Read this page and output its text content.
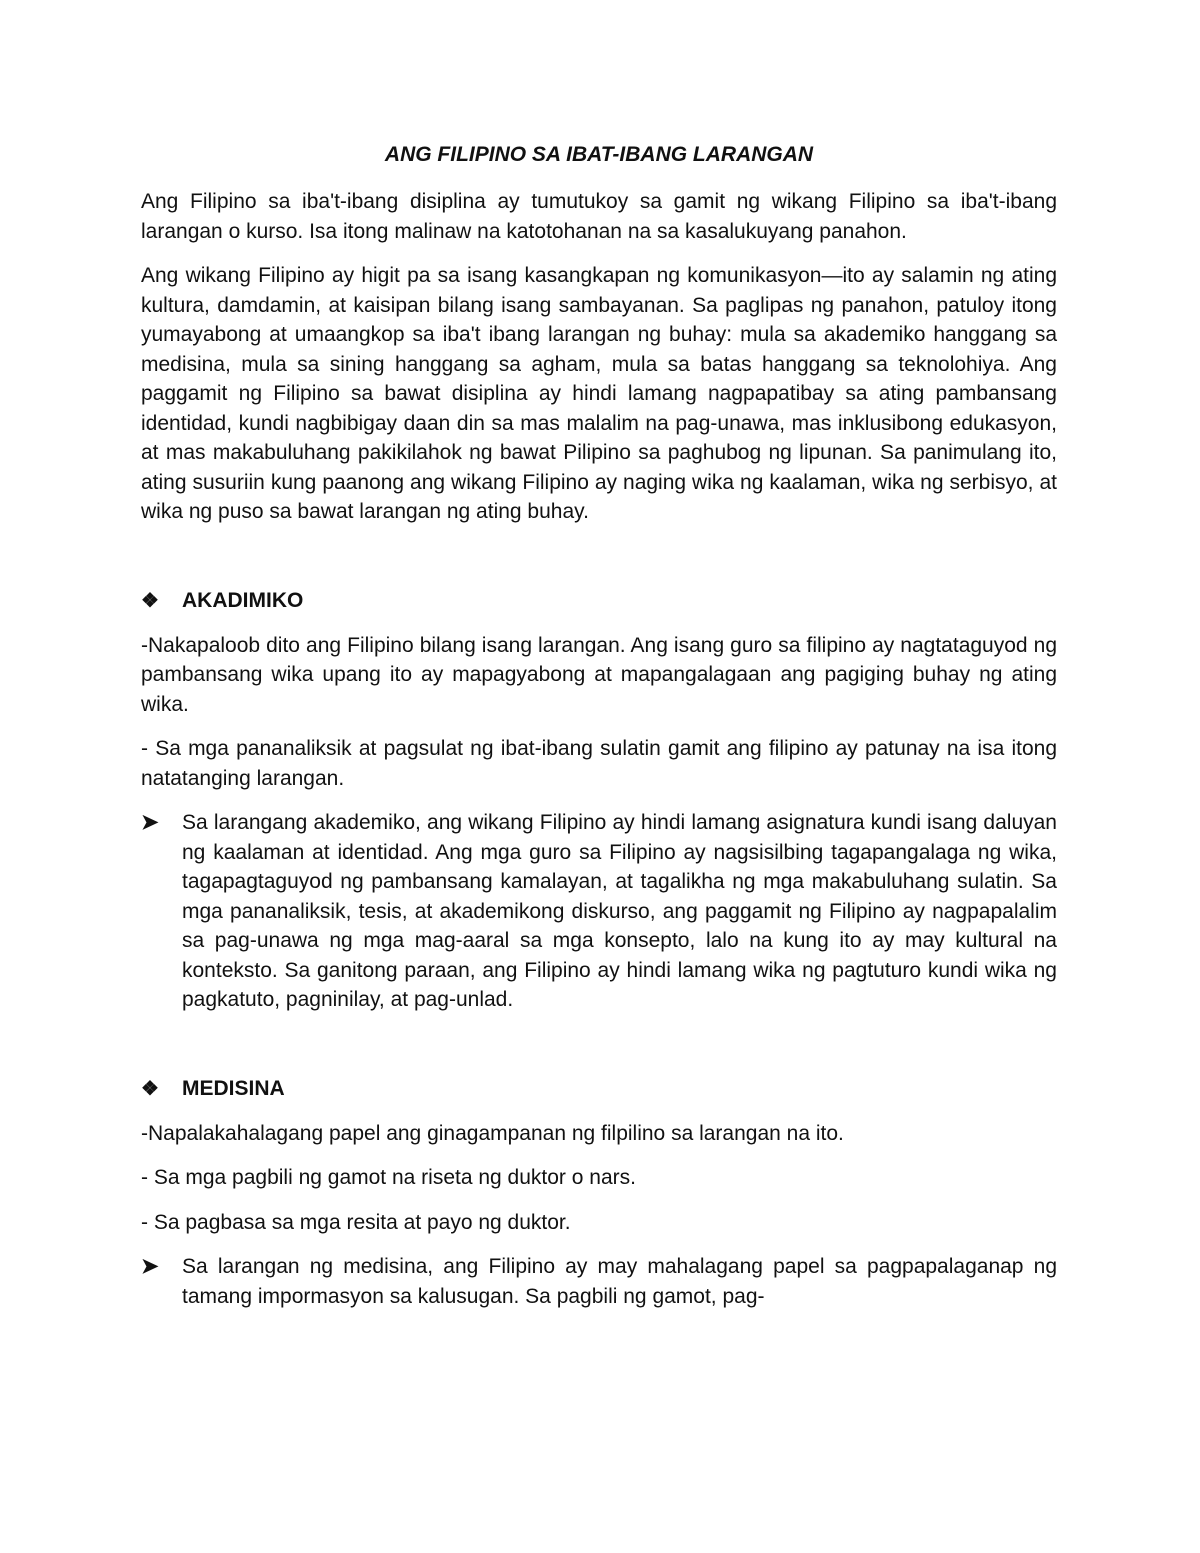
ANG FILIPINO SA IBAT-IBANG LARANGAN

Ang Filipino sa iba't-ibang disiplina ay tumutukoy sa gamit ng wikang Filipino sa iba't-ibang larangan o kurso. Isa itong malinaw na katotohanan na sa kasalukuyang panahon.

Ang wikang Filipino ay higit pa sa isang kasangkapan ng komunikasyon—ito ay salamin ng ating kultura, damdamin, at kaisipan bilang isang sambayanan. Sa paglipas ng panahon, patuloy itong yumayabong at umaangkop sa iba't ibang larangan ng buhay: mula sa akademiko hanggang sa medisina, mula sa sining hanggang sa agham, mula sa batas hanggang sa teknolohiya. Ang paggamit ng Filipino sa bawat disiplina ay hindi lamang nagpapatibay sa ating pambansang identidad, kundi nagbibigay daan din sa mas malalim na pag-unawa, mas inklusibong edukasyon, at mas makabuluhang pakikilahok ng bawat Pilipino sa paghubog ng lipunan. Sa panimulang ito, ating susuriin kung paanong ang wikang Filipino ay naging wika ng kaalaman, wika ng serbisyo, at wika ng puso sa bawat larangan ng ating buhay.

❖	AKADIMIKO

-Nakapaloob dito ang Filipino bilang isang larangan. Ang isang guro sa filipino ay nagtataguyod ng pambansang wika upang ito ay mapagyabong at mapangalagaan ang pagiging buhay ng ating wika.

- Sa mga pananaliksik at pagsulat ng ibat-ibang sulatin gamit ang filipino ay patunay na isa itong natatanging larangan.

➤	Sa larangang akademiko, ang wikang Filipino ay hindi lamang asignatura kundi isang daluyan ng kaalaman at identidad. Ang mga guro sa Filipino ay nagsisilbing tagapangalaga ng wika, tagapagtaguyod ng pambansang kamalayan, at tagalikha ng mga makabuluhang sulatin. Sa mga pananaliksik, tesis, at akademikong diskurso, ang paggamit ng Filipino ay nagpapalalim sa pag-unawa ng mga mag-aaral sa mga konsepto, lalo na kung ito ay may kultural na konteksto. Sa ganitong paraan, ang Filipino ay hindi lamang wika ng pagtuturo kundi wika ng pagkatuto, pagninilay, at pag-unlad.

❖	MEDISINA

-Napalakahalagang papel ang ginagampanan ng filpilino sa larangan na ito.

- Sa mga pagbili ng gamot na riseta ng duktor o nars.

- Sa pagbasa sa mga resita at payo ng duktor.

➤	Sa larangan ng medisina, ang Filipino ay may mahalagang papel sa pagpapalaganap ng tamang impormasyon sa kalusugan. Sa pagbili ng gamot, pag-
